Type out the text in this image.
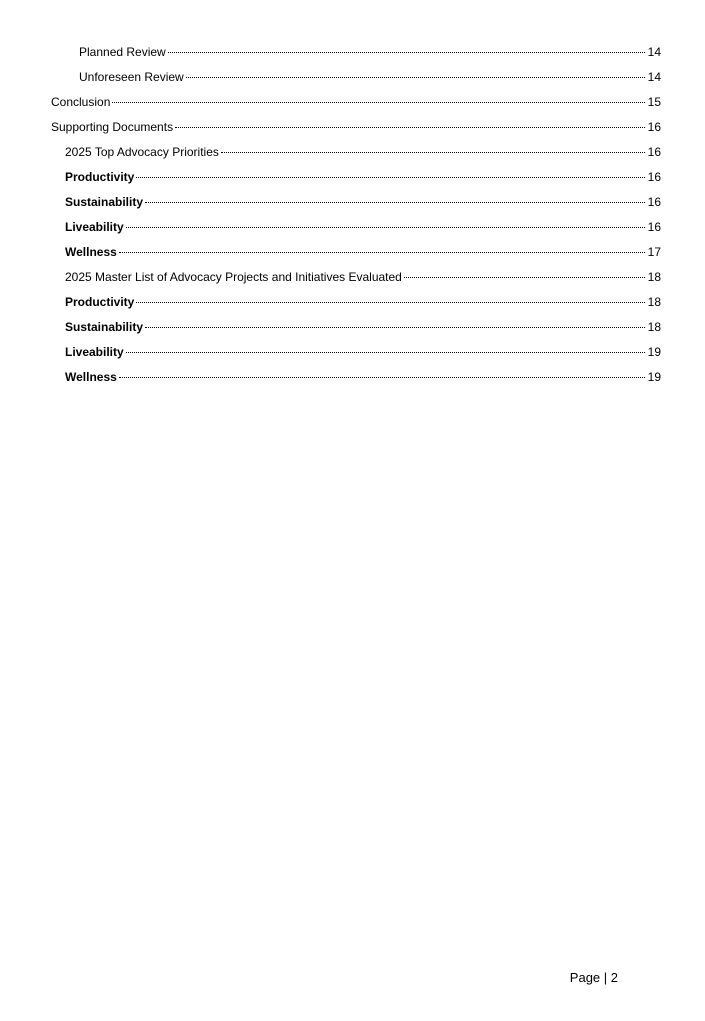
Planned Review	14
Unforeseen Review	14
Conclusion	15
Supporting Documents	16
2025 Top Advocacy Priorities	16
Productivity	16
Sustainability	16
Liveability	16
Wellness	17
2025 Master List of Advocacy Projects and Initiatives Evaluated	18
Productivity	18
Sustainability	18
Liveability	19
Wellness	19
Page | 2
